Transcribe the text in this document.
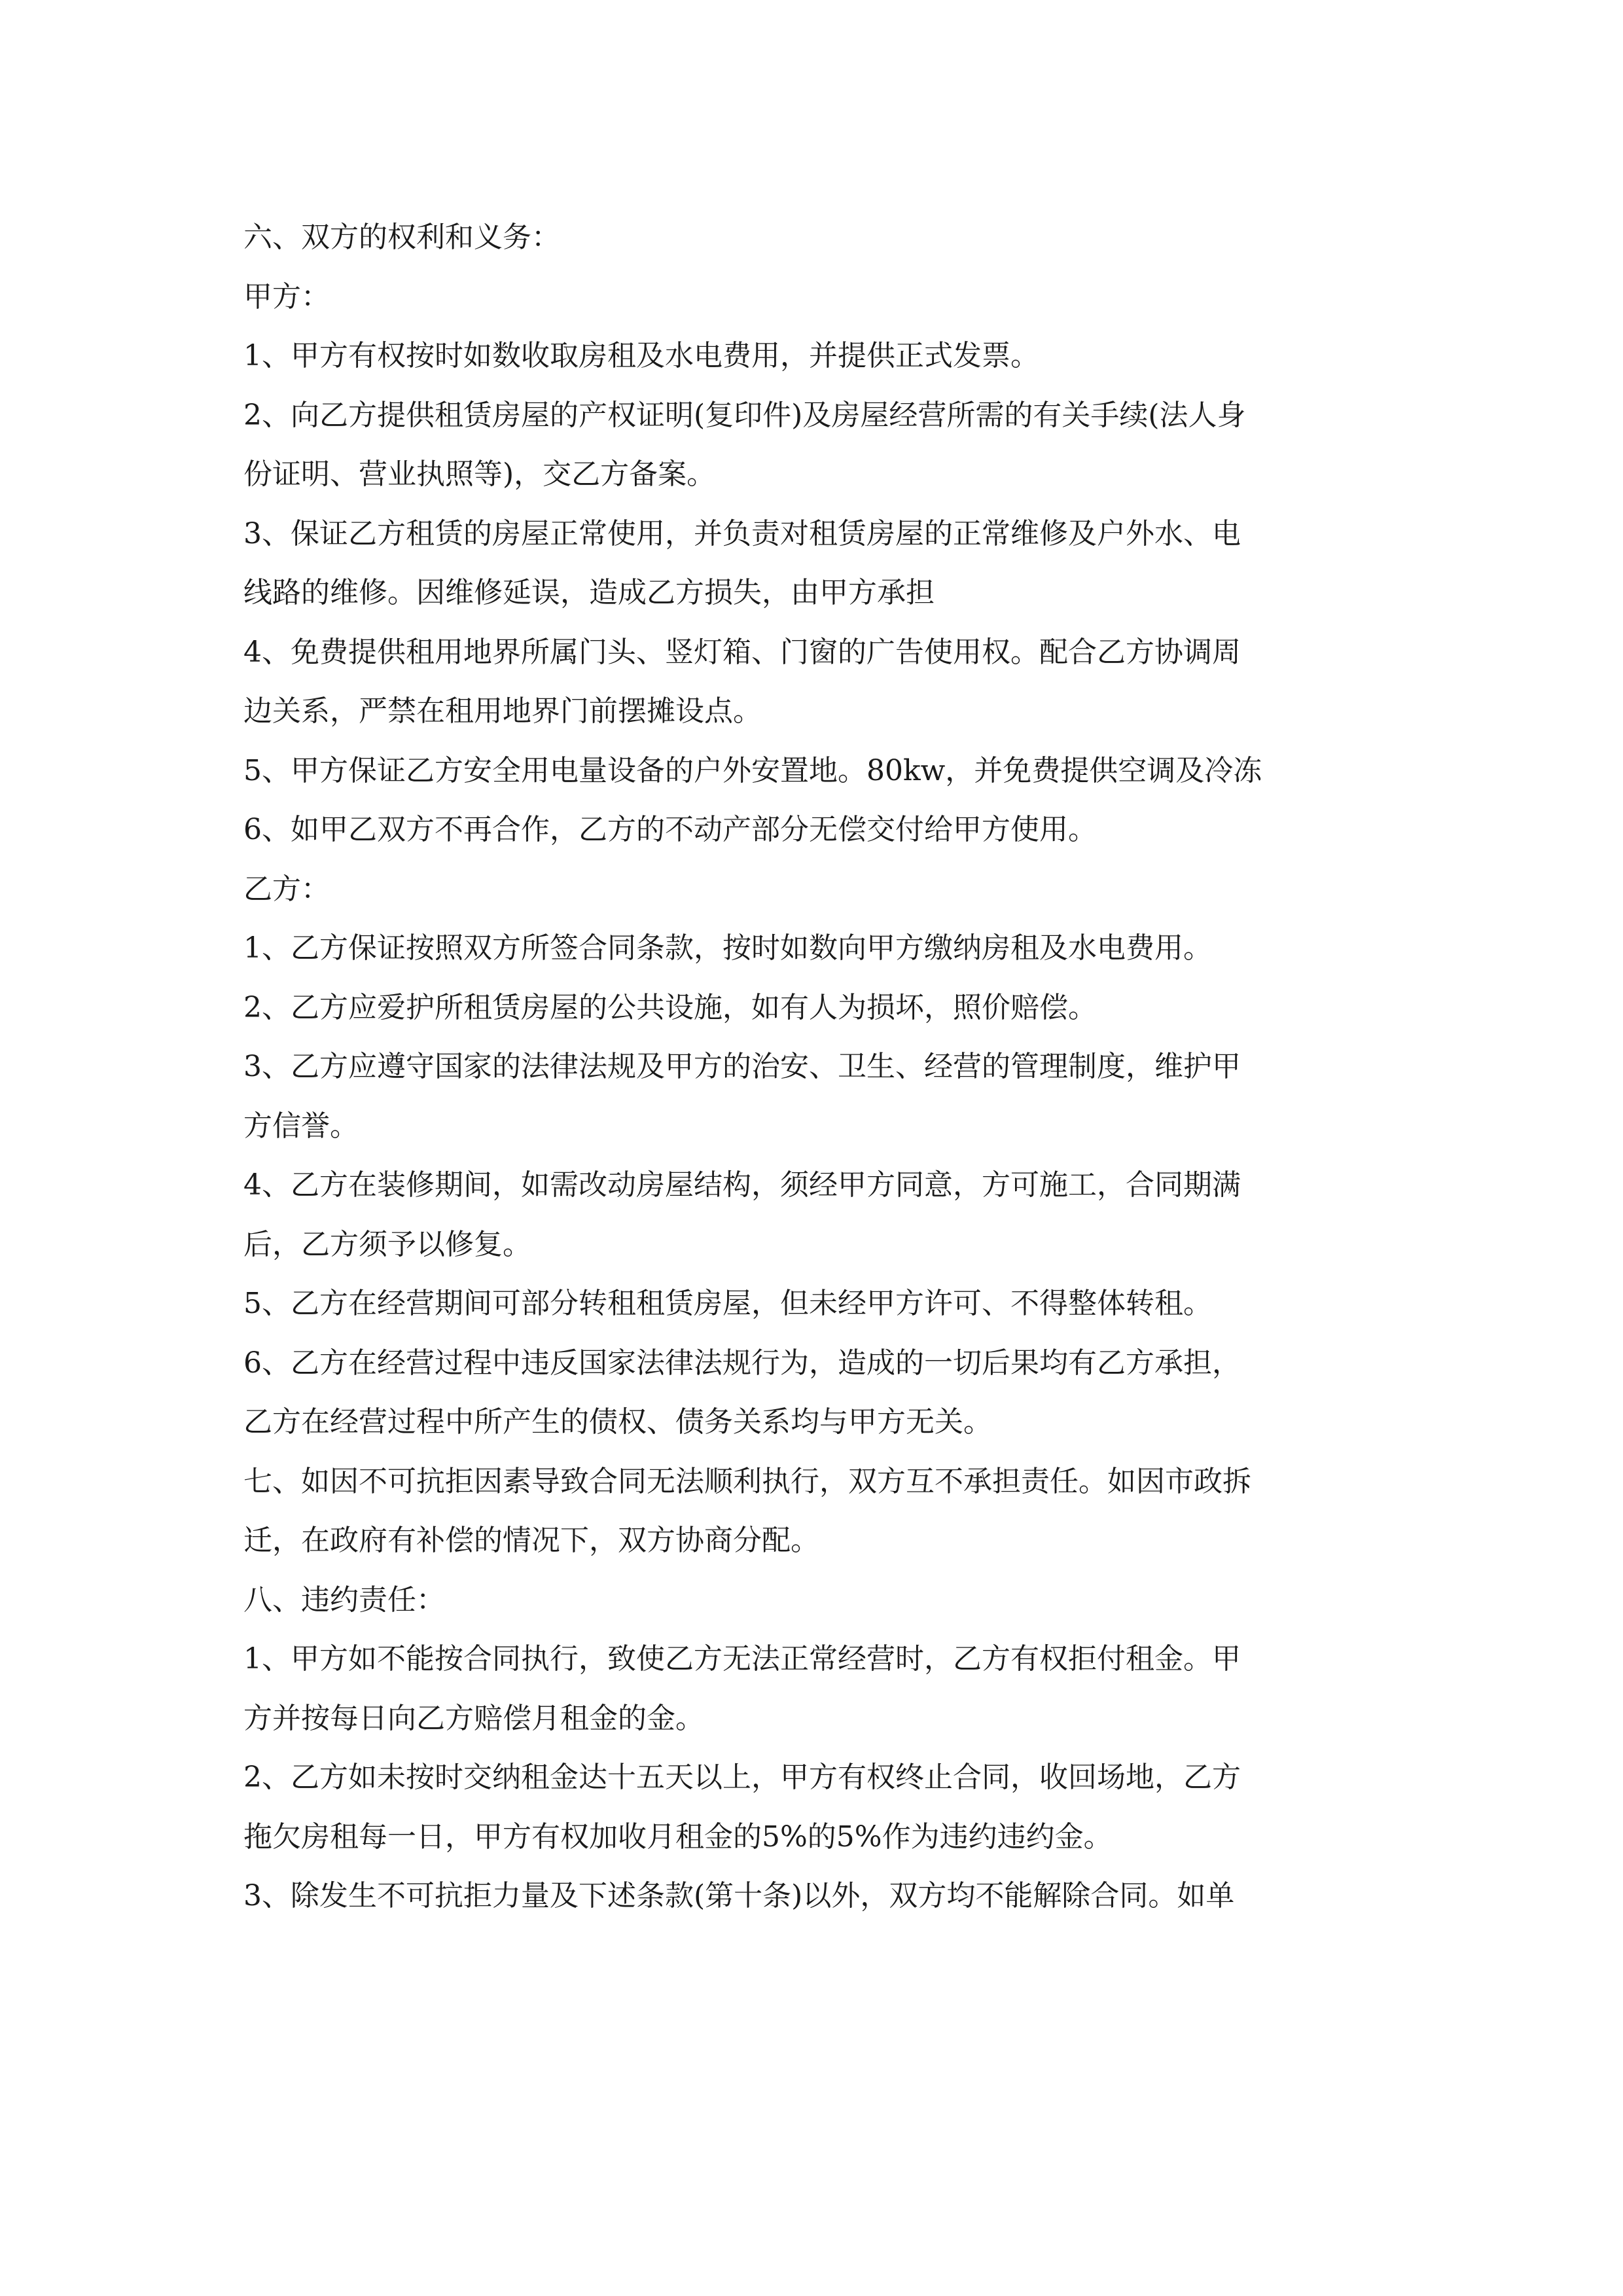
六、双方的权利和义务：
甲方：
1、甲方有权按时如数收取房租及水电费用，并提供正式发票。
2、向乙方提供租赁房屋的产权证明(复印件)及房屋经营所需的有关手续(法人身
份证明、营业执照等)，交乙方备案。
3、保证乙方租赁的房屋正常使用，并负责对租赁房屋的正常维修及户外水、电
线路的维修。因维修延误，造成乙方损失，由甲方承担
4、免费提供租用地界所属门头、竖灯箱、门窗的广告使用权。配合乙方协调周
边关系，严禁在租用地界门前摆摊设点。
5、甲方保证乙方安全用电量设备的户外安置地。80kw，并免费提供空调及冷冻
6、如甲乙双方不再合作，乙方的不动产部分无偿交付给甲方使用。
乙方：
1、乙方保证按照双方所签合同条款，按时如数向甲方缴纳房租及水电费用。
2、乙方应爱护所租赁房屋的公共设施，如有人为损坏，照价赔偿。
3、乙方应遵守国家的法律法规及甲方的治安、卫生、经营的管理制度，维护甲
方信誉。
4、乙方在装修期间，如需改动房屋结构，须经甲方同意，方可施工，合同期满
后，乙方须予以修复。
5、乙方在经营期间可部分转租租赁房屋，但未经甲方许可、不得整体转租。
6、乙方在经营过程中违反国家法律法规行为，造成的一切后果均有乙方承担，
乙方在经营过程中所产生的债权、债务关系均与甲方无关。
七、如因不可抗拒因素导致合同无法顺利执行，双方互不承担责任。如因市政拆
迁，在政府有补偿的情况下，双方协商分配。
八、违约责任：
1、甲方如不能按合同执行，致使乙方无法正常经营时，乙方有权拒付租金。甲
方并按每日向乙方赔偿月租金的金。
2、乙方如未按时交纳租金达十五天以上，甲方有权终止合同，收回场地，乙方
拖欠房租每一日，甲方有权加收月租金的5%的5%作为违约违约金。
3、除发生不可抗拒力量及下述条款(第十条)以外，双方均不能解除合同。如单
